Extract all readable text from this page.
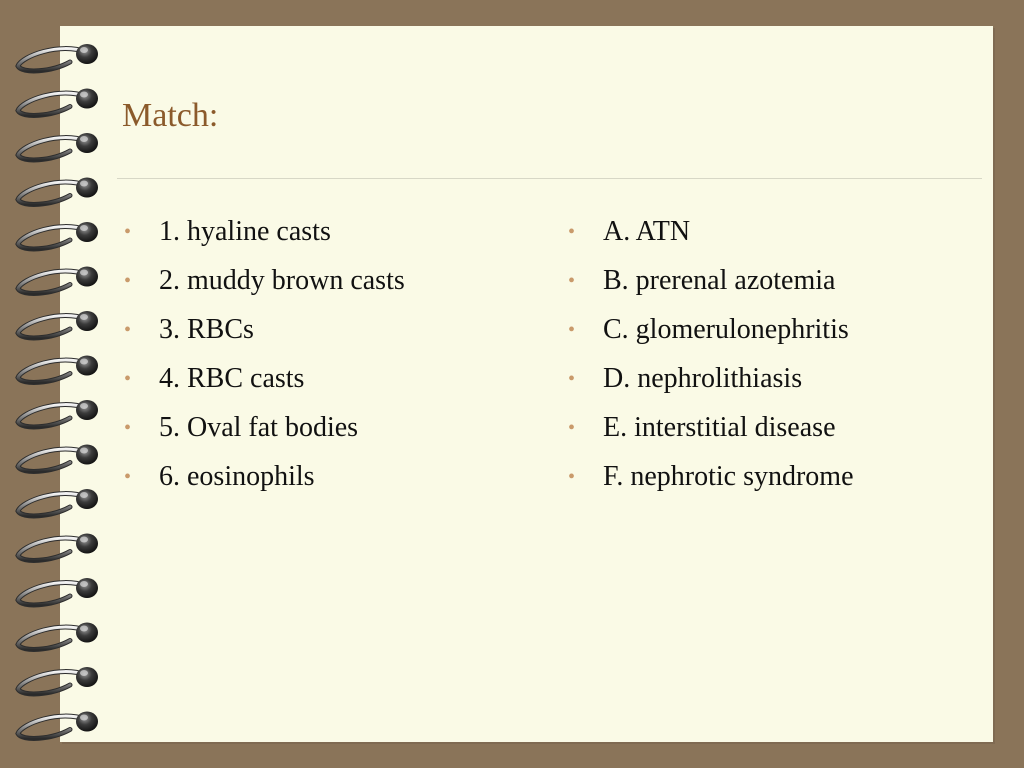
Match:
• 1. hyaline casts
• 2. muddy brown casts
• 3. RBCs
• 4. RBC casts
• 5. Oval fat bodies
• 6. eosinophils
• A. ATN
• B. prerenal azotemia
• C. glomerulonephritis
• D. nephrolithiasis
• E. interstitial disease
• F. nephrotic syndrome
